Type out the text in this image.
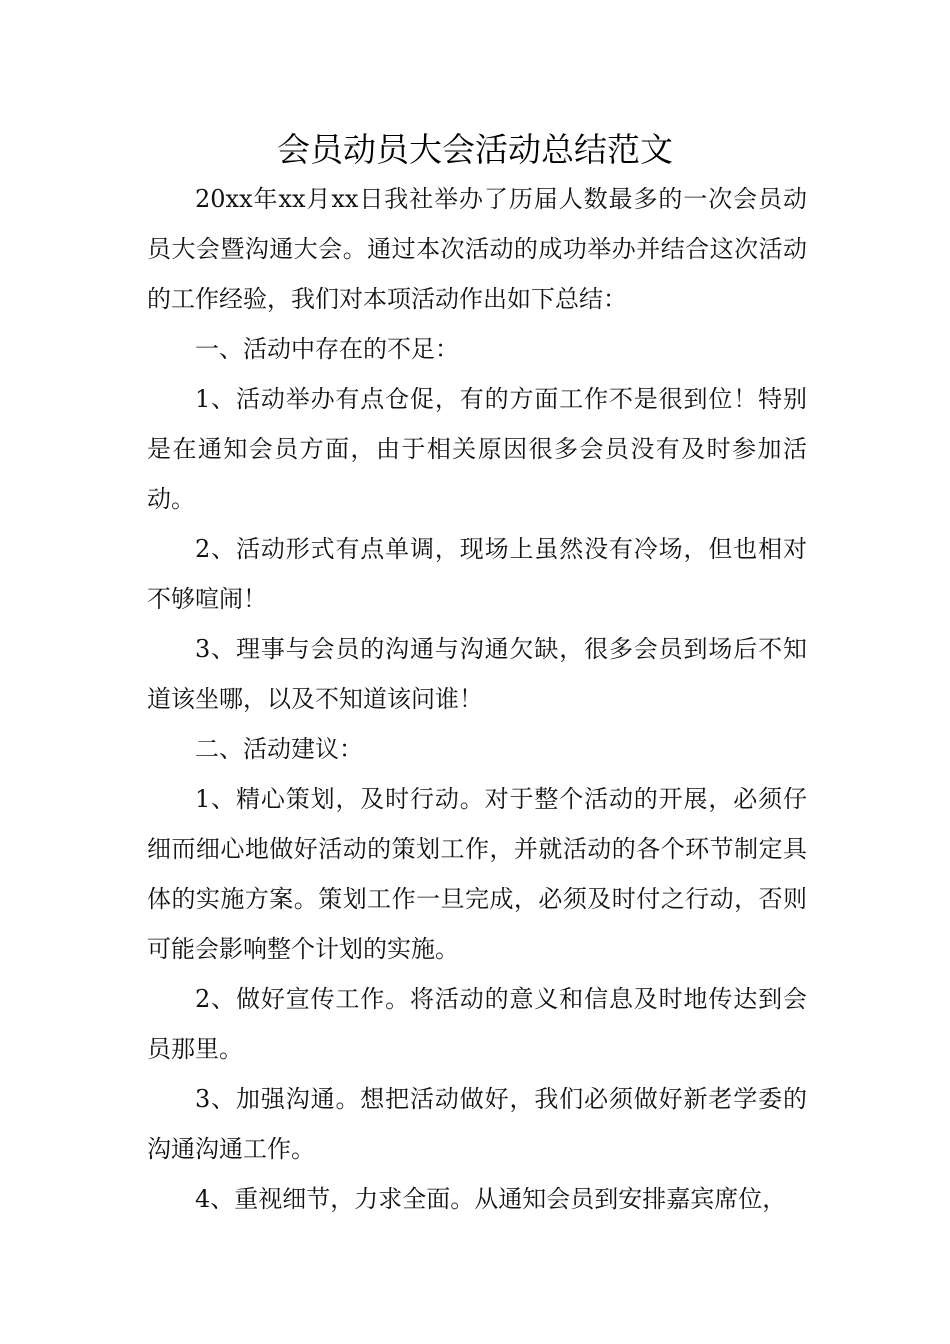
会员动员大会活动总结范文

20xx年xx月xx日我社举办了历届人数最多的一次会员动员大会暨沟通大会。通过本次活动的成功举办并结合这次活动的工作经验，我们对本项活动作出如下总结：

一、活动中存在的不足：

1、活动举办有点仓促，有的方面工作不是很到位！特别是在通知会员方面，由于相关原因很多会员没有及时参加活动。

2、活动形式有点单调，现场上虽然没有冷场，但也相对不够喧闹！

3、理事与会员的沟通与沟通欠缺，很多会员到场后不知道该坐哪，以及不知道该问谁！

二、活动建议：

1、精心策划，及时行动。对于整个活动的开展，必须仔细而细心地做好活动的策划工作，并就活动的各个环节制定具体的实施方案。策划工作一旦完成，必须及时付之行动，否则可能会影响整个计划的实施。

2、做好宣传工作。将活动的意义和信息及时地传达到会员那里。

3、加强沟通。想把活动做好，我们必须做好新老学委的沟通沟通工作。

4、重视细节，力求全面。从通知会员到安排嘉宾席位，
